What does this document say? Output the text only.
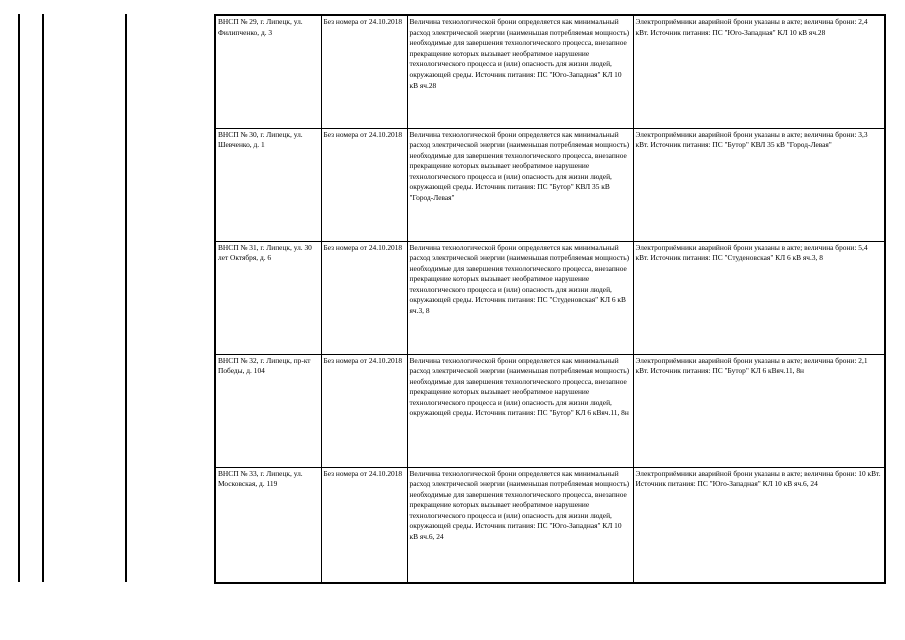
ВНСП № 29, г. Липецк, ул. Филипченко, д. 3	Без номера от 24.10.2018	Величина технологической брони определяется как минимальный расход электрической энергии (наименьшая потребляемая мощность) необходимые для завершения технологического процесса, внезапное прекращение которых вызывает необратимое нарушение технологического процесса и (или) опасность для жизни людей, окружающей среды. Источник питания: ПС "Юго-Западная" КЛ 10 кВ яч.28	Электроприёмники аварийной брони указаны в акте; величина брони: 2,4 кВт. Источник питания: ПС "Юго-Западная" КЛ 10 кВ яч.28
ВНСП № 30, г. Липецк, ул. Шевченко, д. 1	Без номера от 24.10.2018	Величина технологической брони определяется как минимальный расход электрической энергии (наименьшая потребляемая мощность) необходимые для завершения технологического процесса, внезапное прекращение которых вызывает необратимое нарушение технологического процесса и (или) опасность для жизни людей, окружающей среды. Источник питания: ПС "Бутор" КВЛ 35 кВ "Город-Левая"	Электроприёмники аварийной брони указаны в акте; величина брони: 3,3 кВт. Источник питания: ПС "Бутор" КВЛ 35 кВ "Город-Левая"
ВНСП № 31, г. Липецк, ул. 30 лет Октября, д. 6	Без номера от 24.10.2018	Величина технологической брони определяется как минимальный расход электрической энергии (наименьшая потребляемая мощность) необходимые для завершения технологического процесса, внезапное прекращение которых вызывает необратимое нарушение технологического процесса и (или) опасность для жизни людей, окружающей среды. Источник питания: ПС "Студеновская" КЛ 6 кВ яч.3, 8	Электроприёмники аварийной брони указаны в акте; величина брони: 5,4 кВт. Источник питания: ПС "Студеновская" КЛ 6 кВ яч.3, 8
ВНСП № 32, г. Липецк, пр-кт Победы, д. 104	Без номера от 24.10.2018	Величина технологической брони определяется как минимальный расход электрической энергии (наименьшая потребляемая мощность) необходимые для завершения технологического процесса, внезапное прекращение которых вызывает необратимое нарушение технологического процесса и (или) опасность для жизни людей, окружающей среды. Источник питания: ПС "Бутор" КЛ 6 кВяч.11, 8н	Электроприёмники аварийной брони указаны в акте; величина брони: 2,1 кВт. Источник питания: ПС "Бутор" КЛ 6 кВяч.11, 8н
ВНСП № 33, г. Липецк, ул. Московская, д. 119	Без номера от 24.10.2018	Величина технологической брони определяется как минимальный расход электрической энергии (наименьшая потребляемая мощность) необходимые для завершения технологического процесса, внезапное прекращение которых вызывает необратимое нарушение технологического процесса и (или) опасность для жизни людей, окружающей среды. Источник питания: ПС "Юго-Западная" КЛ 10 кВ яч.6, 24	Электроприёмники аварийной брони указаны в акте; величина брони: 10 кВт. Источник питания: ПС "Юго-Западная" КЛ 10 кВ яч.6, 24
